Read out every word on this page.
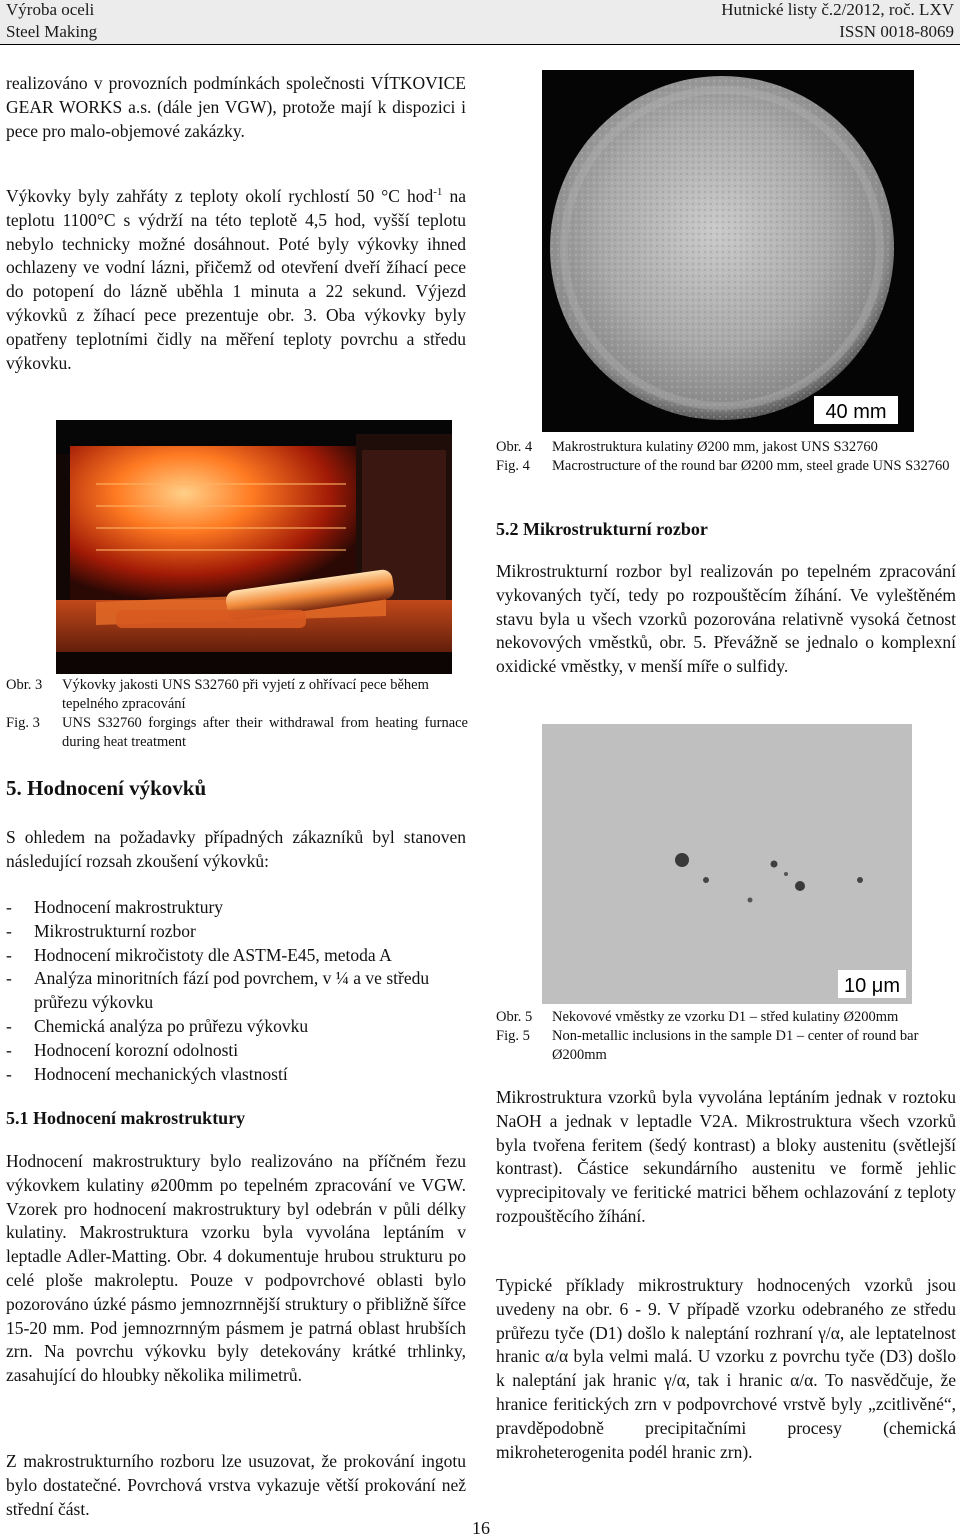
Výroba oceli
Steel Making
Hutnické listy č.2/2012, roč. LXV
ISSN 0018-8069

realizováno v provozních podmínkách společnosti VÍTKOVICE GEAR WORKS a.s. (dále jen VGW), protože mají k dispozici i pece pro malo-objemové zakázky.

Výkovky byly zahřáty z teploty okolí rychlostí 50 °C hod$^{-1}$ na teplotu 1100°C s výdrží na této teplotě 4,5 hod, vyšší teplotu nebylo technicky možné dosáhnout. Poté byly výkovky ihned ochlazeny ve vodní lázni, přičemž od otevření dveří žíhací pece do potopení do lázně uběhla 1 minuta a 22 sekund. Výjezd výkovků z žíhací pece prezentuje obr. 3. Oba výkovky byly opatřeny teplotními čidly na měření teploty povrchu a středu výkovku.

Obr. 3	Výkovky jakosti UNS S32760 při vyjetí z ohřívací pece během tepelného zpracování
Fig. 3	UNS S32760 forgings after their withdrawal from heating furnace during heat treatment
5. Hodnocení výkovků

S ohledem na požadavky případných zákazníků byl stanoven následující rozsah zkoušení výkovků:

- Hodnocení makrostruktury
- Mikrostrukturní rozbor
- Hodnocení mikročistoty dle ASTM-E45, metoda A
- Analýza minoritních fází pod povrchem, v ¼ a ve středu průřezu výkovku
- Chemická analýza po průřezu výkovku
- Hodnocení korozní odolnosti
- Hodnocení mechanických vlastností
5.1 Hodnocení makrostruktury

Hodnocení makrostruktury bylo realizováno na příčném řezu výkovkem kulatiny ø200mm po tepelném zpracování ve VGW. Vzorek pro hodnocení makrostruktury byl odebrán v půli délky kulatiny. Makrostruktura vzorku byla vyvolána leptáním v leptadle Adler-Matting. Obr. 4 dokumentuje hrubou strukturu po celé ploše makroleptu. Pouze v podpovrchové oblasti bylo pozorováno úzké pásmo jemnozrnnější struktury o přibližně šířce 15-20 mm. Pod jemnozrnným pásmem je patrná oblast hrubších zrn. Na povrchu výkovku byly detekovány krátké trhlinky, zasahující do hloubky několika milimetrů.

Z makrostrukturního rozboru lze usuzovat, že prokování ingotu bylo dostatečné. Povrchová vrstva vykazuje větší prokování než střední část.

40 mm
Obr. 4	Makrostruktura kulatiny Ø200 mm, jakost UNS S32760
Fig. 4	Macrostructure of the round bar Ø200 mm, steel grade UNS S32760
5.2 Mikrostrukturní rozbor

Mikrostrukturní rozbor byl realizován po tepelném zpracování vykovaných tyčí, tedy po rozpouštěcím žíhání. Ve vyleštěném stavu byla u všech vzorků pozorována relativně vysoká četnost nekovových vměstků, obr. 5. Převážně se jednalo o komplexní oxidické vměstky, v menší míře o sulfidy.

10 μm
Obr. 5	Nekovové vměstky ze vzorku D1 – střed kulatiny Ø200mm
Fig. 5	Non-metallic inclusions in the sample D1 – center of round bar Ø200mm

Mikrostruktura vzorků byla vyvolána leptáním jednak v roztoku NaOH a jednak v leptadle V2A. Mikrostruktura všech vzorků byla tvořena feritem (šedý kontrast) a bloky austenitu (světlejší kontrast). Částice sekundárního austenitu ve formě jehlic vyprecipitovaly ve feritické matrici během ochlazování z teploty rozpouštěcího žíhání.

Typické příklady mikrostruktury hodnocených vzorků jsou uvedeny na obr. 6 - 9. V případě vzorku odebraného ze středu průřezu tyče (D1) došlo k naleptání rozhraní γ/α, ale leptatelnost hranic α/α byla velmi malá. U vzorku z povrchu tyče (D3) došlo k naleptání jak hranic γ/α, tak i hranic α/α. To nasvědčuje, že hranice feritických zrn v podpovrchové vrstvě byly „zcitlivěné“, pravděpodobně precipitačními procesy (chemická mikroheterogenita podél hranic zrn).

16
